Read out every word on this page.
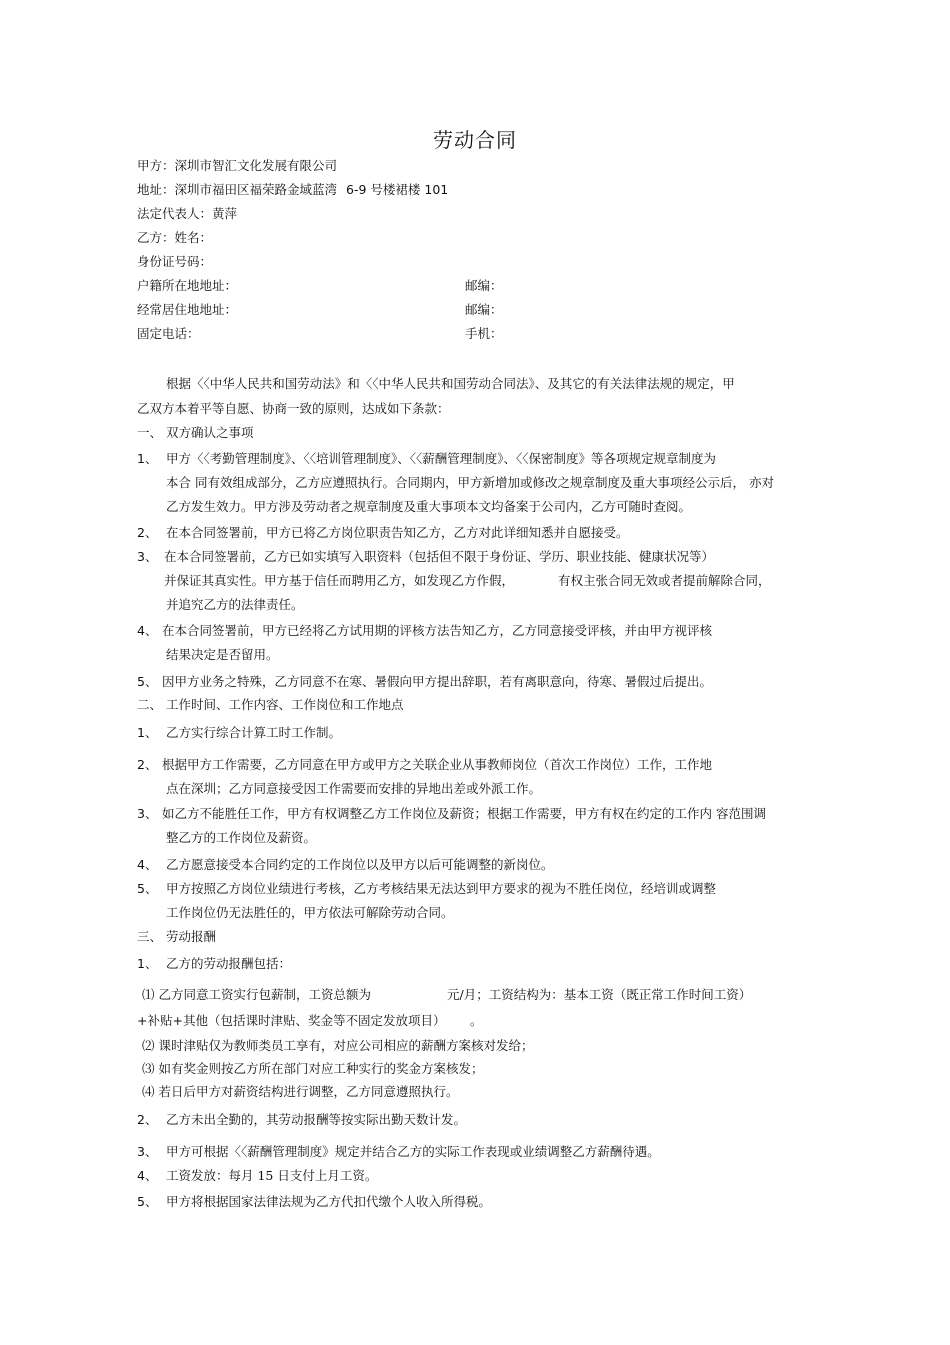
劳动合同
甲方：深圳市智汇文化发展有限公司
地址：深圳市福田区福荣路金域蓝湾 6-9 号楼裙楼 101
法定代表人：黄萍
乙方：姓名：
身份证号码：
户籍所在地地址：	邮编：
经常居住地地址：	邮编：
固定电话：	手机：
根据〈〈中华人民共和国劳动法》和〈〈中华人民共和国劳动合同法》、及其它的有关法律法规的规定，甲
乙双方本着平等自愿、协商一致的原则，达成如下条款：
一、 双方确认之事项
1、 甲方〈〈考勤管理制度》、〈〈培训管理制度》、〈〈薪酬管理制度》、〈〈保密制度》等各项规定规章制度为
本合 同有效组成部分，乙方应遵照执行。合同期内，甲方新增加或修改之规章制度及重大事项经公示后， 亦对
乙方发生效力。甲方涉及劳动者之规章制度及重大事项本文均备案于公司内，乙方可随时查阅。
2、 在本合同签署前，甲方已将乙方岗位职责告知乙方，乙方对此详细知悉并自愿接受。
3、 在本合同签署前，乙方已如实填写入职资料（包括但不限于身份证、学历、职业技能、健康状况等）
并保证其真实性。甲方基于信任而聘用乙方，如发现乙方作假，	有权主张合同无效或者提前解除合同，
并追究乙方的法律责任。
4、 在本合同签署前，甲方已经将乙方试用期的评核方法告知乙方，乙方同意接受评核，并由甲方视评核
结果决定是否留用。
5、 因甲方业务之特殊，乙方同意不在寒、暑假向甲方提出辞职，若有离职意向，待寒、暑假过后提出。
二、 工作时间、工作内容、工作岗位和工作地点
1、 乙方实行综合计算工时工作制。
2、 根据甲方工作需要，乙方同意在甲方或甲方之关联企业从事教师岗位（首次工作岗位）工作，工作地
点在深圳；乙方同意接受因工作需要而安排的异地出差或外派工作。
3、 如乙方不能胜任工作，甲方有权调整乙方工作岗位及薪资；根据工作需要，甲方有权在约定的工作内 容范围调
整乙方的工作岗位及薪资。
4、 乙方愿意接受本合同约定的工作岗位以及甲方以后可能调整的新岗位。
5、 甲方按照乙方岗位业绩进行考核，乙方考核结果无法达到甲方要求的视为不胜任岗位，经培训或调整
工作岗位仍无法胜任的，甲方依法可解除劳动合同。
三、 劳动报酬
1、 乙方的劳动报酬包括：
⑴ 乙方同意工资实行包薪制，工资总额为	元/月；工资结构为：基本工资（既正常工作时间工资）
+补贴+其他（包括课时津贴、奖金等不固定发放项目） 。
⑵ 课时津贴仅为教师类员工享有，对应公司相应的薪酬方案核对发给；
⑶ 如有奖金则按乙方所在部门对应工种实行的奖金方案核发；
⑷ 若日后甲方对薪资结构进行调整，乙方同意遵照执行。
2、 乙方未出全勤的，其劳动报酬等按实际出勤天数计发。
3、 甲方可根据〈〈薪酬管理制度》规定并结合乙方的实际工作表现或业绩调整乙方薪酬待遇。
4、 工资发放：每月 15 日支付上月工资。
5、 甲方将根据国家法律法规为乙方代扣代缴个人收入所得税。
